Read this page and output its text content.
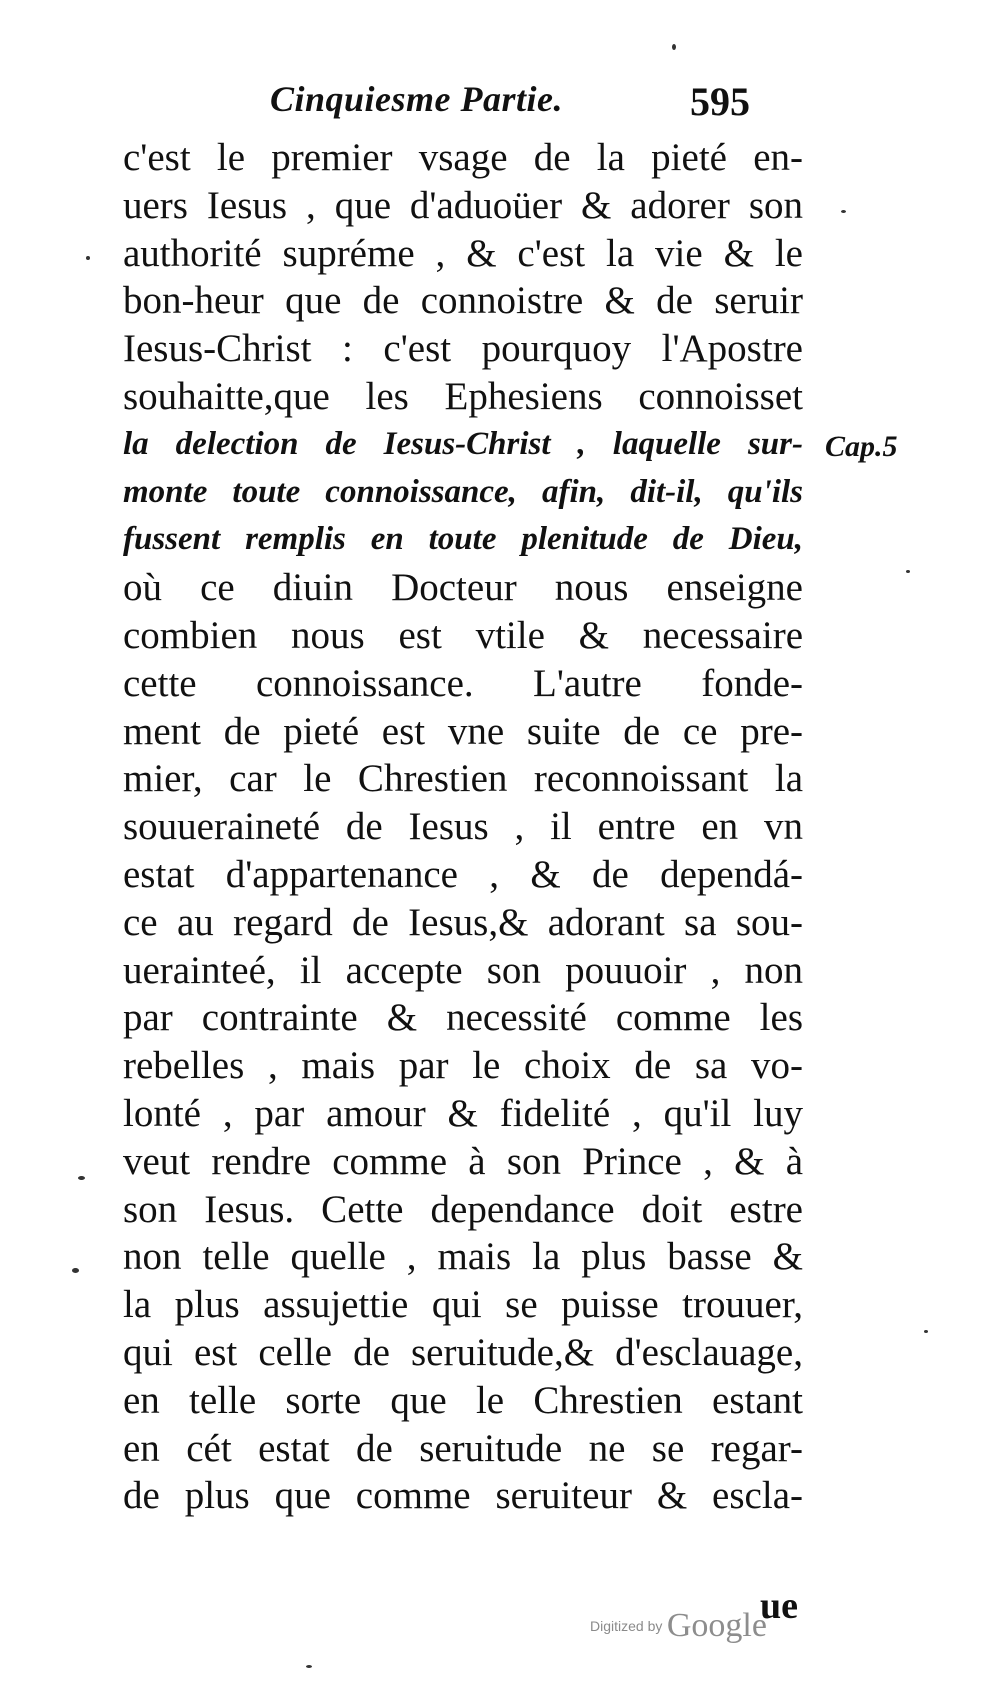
Cinquiesme Partie.	595
c'est le premier vsage de la pieté en-
uers Iesus , que d'aduoüer & adorer son
authorité supréme , & c'est la vie & le
bon-heur que de connoistre & de seruir
Iesus-Christ : c'est pourquoy l'Apostre
souhaitte,que les Ephesiens connoisset
la delection de Iesus-Christ , laquelle sur-
monte toute connoissance, afin, dit-il, qu'ils
fussent remplis en toute plenitude de Dieu,
où ce diuin Docteur nous enseigne
combien nous est vtile & necessaire
cette connoissance. L'autre fonde-
ment de pieté est vne suite de ce pre-
mier, car le Chrestien reconnoissant la
souueraineté de Iesus , il entre en vn
estat d'appartenance , & de dependá-
ce au regard de Iesus,& adorant sa sou-
uerainteé, il accepte son pouuoir , non
par contrainte & necessité comme les
rebelles , mais par le choix de sa vo-
lonté , par amour & fidelité , qu'il luy
veut rendre comme à son Prince , & à
son Iesus. Cette dependance doit estre
non telle quelle , mais la plus basse &
la plus assujettie qui se puisse trouuer,
qui est celle de seruitude,& d'esclauage,
en telle sorte que le Chrestien estant
en cét estat de seruitude ne se regar-
de plus que comme seruiteur & escla-
Cap.5
ue
Digitized by Google
